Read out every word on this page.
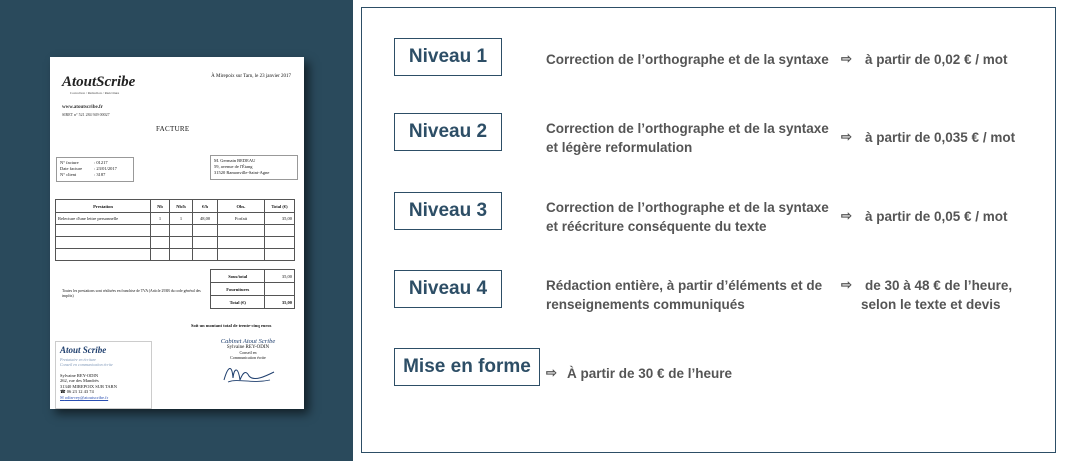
AtoutScribe
Correction / Rédaction / Réécriture
À Mirepoix sur Tarn, le 23 janvier 2017
www.atoutscribe.fr
SIRET n° 521 284 949 00027
FACTURE
N° facture	: 01217
Date facture	: 23/01/2017
N° client	: 3187
M. Germain BEDEAU
59, avenue de l'Étang
31520 Ramonville-Saint-Agne
Prestation	Nb	Nb/h	€/h	Obs.	Total (€)
Relecture d'une lettre personnelle	1	1	48,00	Forfait	35,00

Sous/total	35,00
Fournitures	
Total (€)	35,00
Toutes les prestations sont réalisées en franchise de TVA (Article 293B du code général des impôts)
Soit un montant total de trente-cinq euros
Atout Scribe
Prestataire en écriture
Conseil en communication écrite
Sylvaine REY-ODIN
262, rue des Mandrès
31340 MIREPOIX SUR TARN
☎ 06 23 12 43 74
✉ odin-rey@atoutscribe.fr
Cabinet Atout Scribe
Sylvaine REY-ODIN
Conseil en
Communication écrite
Niveau 1	Correction de l’orthographe et de la syntaxe ⇨ à partir de 0,02 € / mot
Niveau 2	Correction de l’orthographe et de la syntaxe et légère reformulation
⇨ à partir de 0,035 € / mot
Niveau 3	Correction de l’orthographe et de la syntaxe et réécriture conséquente du texte
⇨ à partir de 0,05 € / mot
Niveau 4	Rédaction entière, à partir d’éléments et de renseignements communiqués
⇨ de 30 à 48 € de l’heure,
selon le texte et devis
Mise en forme	⇨ À partir de 30 € de l’heure
